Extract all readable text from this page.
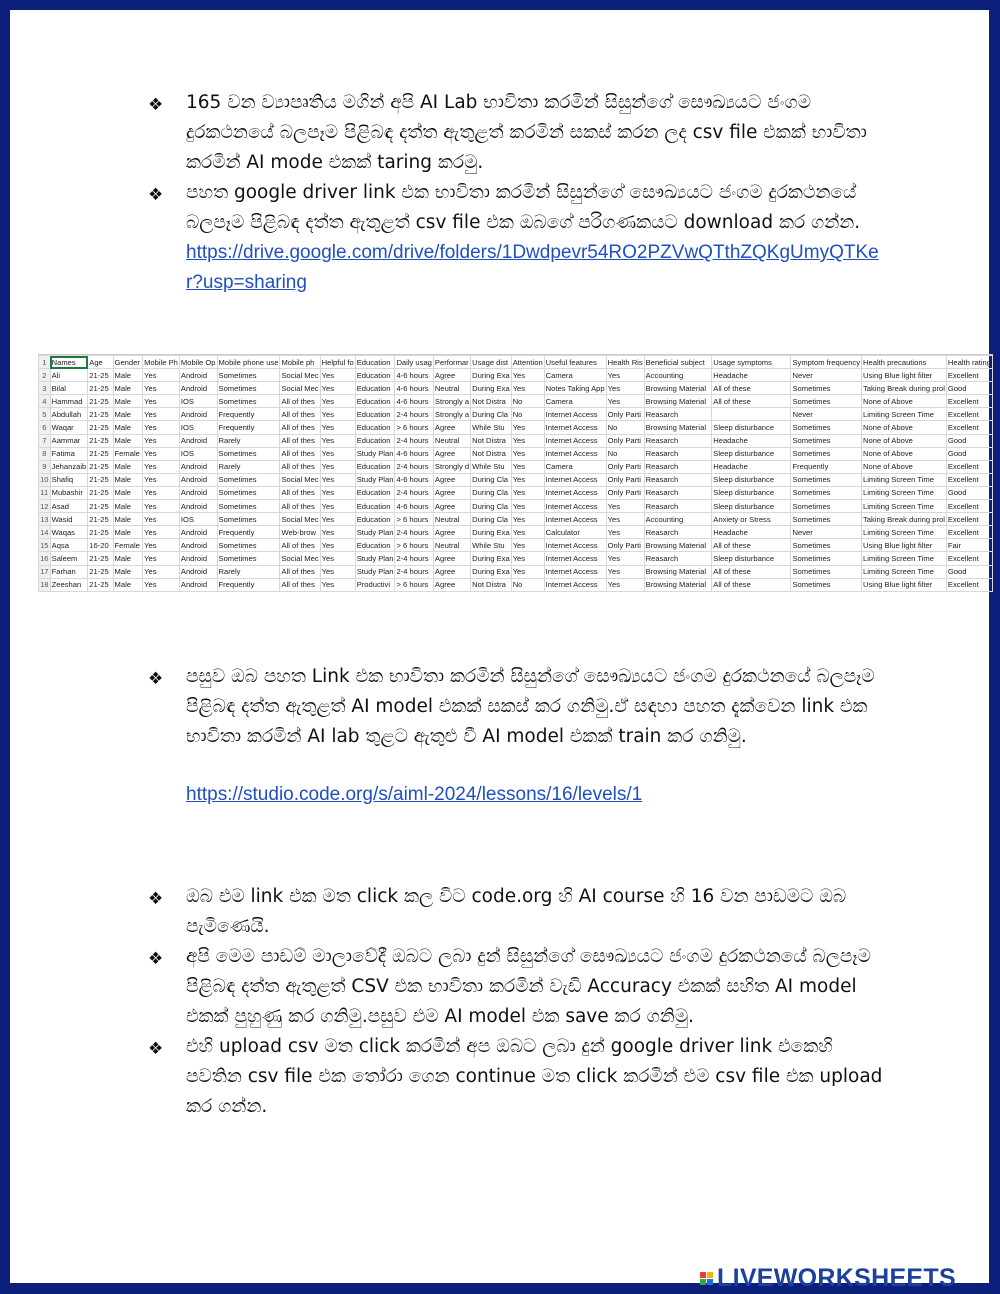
❖ 165 වන ව්‍යාපෘතිය මගින් අපි AI Lab භාවිතා කරමින් සිසුන්ගේ සෞඛ්‍යයට ජංගම දුරකථනයේ බලපෑම පිළිබඳ දත්ත ඇතුළත් කරමින් සකස් කරන ලද csv file එකක් භාවිතා කරමින් AI mode එකක් taring කරමු.
❖ පහත google driver link එක භාවිතා කරමින් සිසුන්ගේ සෞඛ්‍යයට ජංගම දුරකථනයේ බලපෑම පිළිබඳ දත්ත ඇතුළත් csv file එක ඔබගේ පරිගණකයට download කර ගන්න.
https://drive.google.com/drive/folders/1Dwdpevr54RO2PZVwQTthZQKgUmyQTKer?usp=sharing
1	Names	Age	Gender	Mobile Ph	Mobile Op	Mobile phone use	Mobile ph	Helpful fo	Education	Daily usag	Performar	Usage dist	Attention	Useful features	Health Ris	Beneficial subject	Usage symptoms	Symptom frequency	Health precautions	Health rating
2	Ali	21-25	Male	Yes	Android	Sometimes	Social Mec	Yes	Education	4-6 hours	Agree	During Exa	Yes	Camera	Yes	Accounting	Headache	Never	Using Blue light filter	Excellent
3	Bilal	21-25	Male	Yes	Android	Sometimes	Social Mec	Yes	Education	4-6 hours	Neutral	During Exa	Yes	Notes Taking App	Yes	Browsing Material	All of these	Sometimes	Taking Break during prol	Good
4	Hammad	21-25	Male	Yes	IOS	Sometimes	All of thes	Yes	Education	4-6 hours	Strongly a	Not Distra	No	Camera	Yes	Browsing Material	All of these	Sometimes	None of Above	Excellent
5	Abdullah	21-25	Male	Yes	Android	Frequently	All of thes	Yes	Education	2-4 hours	Strongly a	During Cla	No	Internet Access	Only Parti	Reasarch		Never	Limiting Screen Time	Excellent
6	Waqar	21-25	Male	Yes	IOS	Frequently	All of thes	Yes	Education	> 6 hours	Agree	While Stu	Yes	Internet Access	No	Browsing Material	Sleep disturbance	Sometimes	None of Above	Excellent
7	Aammar	21-25	Male	Yes	Android	Rarely	All of thes	Yes	Education	2-4 hours	Neutral	Not Distra	Yes	Internet Access	Only Parti	Reasarch	Headache	Sometimes	None of Above	Good
8	Fatima	21-25	Female	Yes	IOS	Sometimes	All of thes	Yes	Study Plan	4-6 hours	Agree	Not Distra	Yes	Internet Access	No	Reasarch	Sleep disturbance	Sometimes	None of Above	Good
9	Jehanzaib	21-25	Male	Yes	Android	Rarely	All of thes	Yes	Education	2-4 hours	Strongly d	While Stu	Yes	Camera	Only Parti	Reasarch	Headache	Frequently	None of Above	Excellent
10	Shafiq	21-25	Male	Yes	Android	Sometimes	Social Mec	Yes	Study Plan	4-6 hours	Agree	During Cla	Yes	Internet Access	Only Parti	Reasarch	Sleep disturbance	Sometimes	Limiting Screen Time	Excellent
11	Mubashir	21-25	Male	Yes	Android	Sometimes	All of thes	Yes	Education	2-4 hours	Agree	During Cla	Yes	Internet Access	Only Parti	Reasarch	Sleep disturbance	Sometimes	Limiting Screen Time	Good
12	Asad	21-25	Male	Yes	Android	Sometimes	All of thes	Yes	Education	4-6 hours	Agree	During Cla	Yes	Internet Access	Yes	Reasarch	Sleep disturbance	Sometimes	Limiting Screen Time	Excellent
13	Wasid	21-25	Male	Yes	IOS	Sometimes	Social Mec	Yes	Education	> 6 hours	Neutral	During Cla	Yes	Internet Access	Yes	Accounting	Anxiety or Stress	Sometimes	Taking Break during prol	Excellent
14	Waqas	21-25	Male	Yes	Android	Frequently	Web-brow	Yes	Study Plan	2-4 hours	Agree	During Exa	Yes	Calculator	Yes	Reasarch	Headache	Never	Limiting Screen Time	Excellent
15	Aqsa	16-20	Female	Yes	Android	Sometimes	All of thes	Yes	Education	> 6 hours	Neutral	While Stu	Yes	Internet Access	Only Parti	Browsing Material	All of these	Sometimes	Using Blue light filter	Fair
16	Saleem	21-25	Male	Yes	Android	Sometimes	Social Mec	Yes	Study Plan	2-4 hours	Agree	During Exa	Yes	Internet Access	Yes	Reasarch	Sleep disturbance	Sometimes	Limiting Screen Time	Excellent
17	Farhan	21-25	Male	Yes	Android	Rarely	All of thes	Yes	Study Plan	2-4 hours	Agree	During Exa	Yes	Internet Access	Yes	Browsing Material	All of these	Sometimes	Limiting Screen Time	Good
18	Zeeshan	21-25	Male	Yes	Android	Frequently	All of thes	Yes	Productivi	> 6 hours	Agree	Not Distra	No	Internet Access	Yes	Browsing Material	All of these	Sometimes	Using Blue light filter	Excellent
❖ පසුව ඔබ පහත Link එක භාවිතා කරමින් සිසුන්ගේ සෞඛ්‍යයට ජංගම දුරකථනයේ බලපෑම පිළිබඳ දත්ත ඇතුළත් AI model එකක් සකස් කර ගනිමු.ඒ සඳහා පහත දැක්වෙන link එක භාවිතා කරමින් AI lab තුළට ඇතුළු වී AI model එකක් train කර ගනිමු.
https://studio.code.org/s/aiml-2024/lessons/16/levels/1
❖ ඔබ එම link එක මත click කල විට code.org හි AI course හි 16 වන පාඩමට ඔබ පැමිණෙයි.
❖ අපි මෙම පාඩම් මාලාවේදී ඔබට ලබා දුන් සිසුන්ගේ සෞඛ්‍යයට ජංගම දුරකථනයේ බලපෑම පිළිබඳ දත්ත ඇතුළත් CSV එක භාවිතා කරමින් වැඩි Accuracy එකක් සහිත AI model එකක් පුහුණු කර ගනිමු.පසුව එම AI model එක save කර ගනිමු.
❖ එහි upload csv මත click කරමින් අප ඔබට ලබා දුන් google driver link එකෙහි පවතින csv file එක තෝරා ගෙන continue මත click කරමින් එම csv file එක upload කර ගන්න.
LIVEWORKSHEETS
